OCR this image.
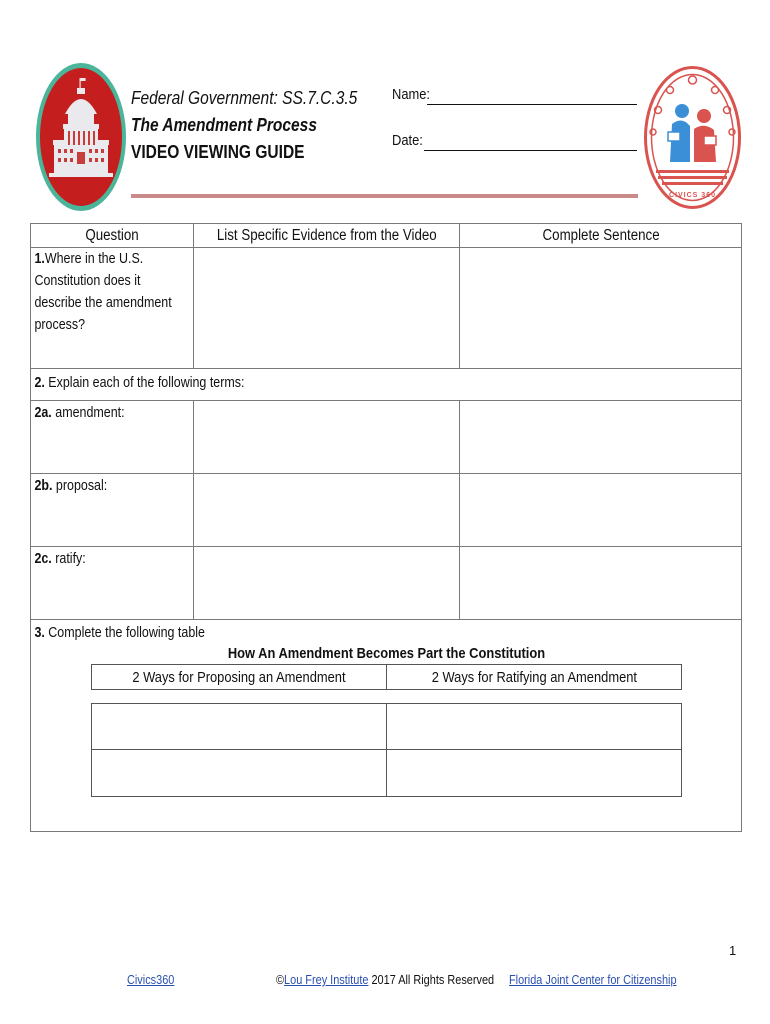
Federal Government: SS.7.C.3.5
The Amendment Process
VIDEO VIEWING GUIDE
Name:
Date:
CIVICS 360
Question	List Specific Evidence from the Video	Complete Sentence

1.Where in the U.S. Constitution does it describe the amendment process?

2. Explain each of the following terms:

2a. amendment:

2b. proposal:

2c. ratify:

3. Complete the following table
How An Amendment Becomes Part the Constitution
2 Ways for Proposing an Amendment	2 Ways for Ratifying an Amendment

1
Civics360	©Lou Frey Institute 2017 All Rights Reserved Florida Joint Center for Citizenship
